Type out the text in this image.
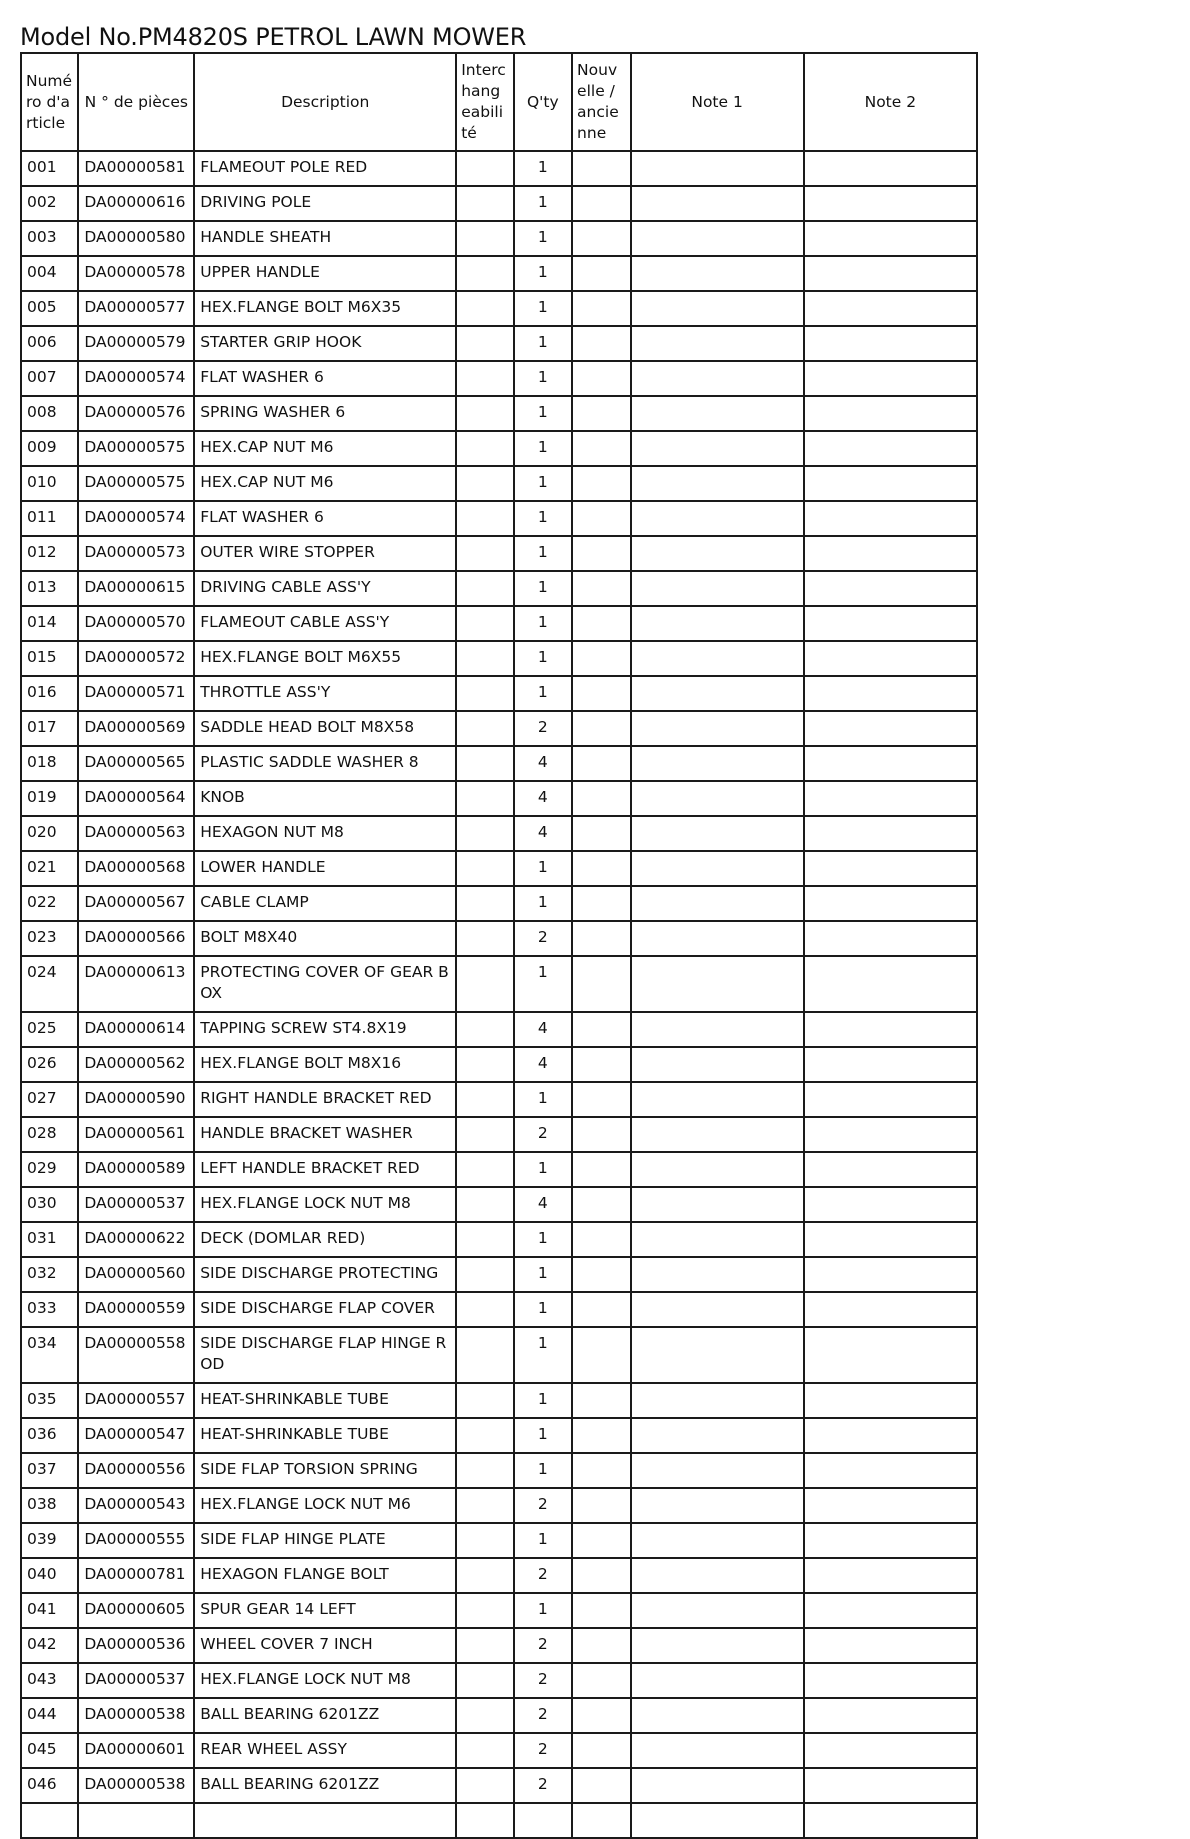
Model No.PM4820S PETROL LAWN MOWER
Numéro d'article	N ° de pièces	Description	Interchangeabilité	Q'ty	Nouvelle / ancienne	Note 1	Note 2
001	DA00000581	FLAMEOUT POLE RED		1			
002	DA00000616	DRIVING POLE		1			
003	DA00000580	HANDLE SHEATH		1			
004	DA00000578	UPPER HANDLE		1			
005	DA00000577	HEX.FLANGE BOLT M6X35		1			
006	DA00000579	STARTER GRIP HOOK		1			
007	DA00000574	FLAT WASHER 6		1			
008	DA00000576	SPRING WASHER 6		1			
009	DA00000575	HEX.CAP NUT M6		1			
010	DA00000575	HEX.CAP NUT M6		1			
011	DA00000574	FLAT WASHER 6		1			
012	DA00000573	OUTER WIRE STOPPER		1			
013	DA00000615	DRIVING CABLE ASS'Y		1			
014	DA00000570	FLAMEOUT CABLE ASS'Y		1			
015	DA00000572	HEX.FLANGE BOLT M6X55		1			
016	DA00000571	THROTTLE ASS'Y		1			
017	DA00000569	SADDLE HEAD BOLT M8X58		2			
018	DA00000565	PLASTIC SADDLE WASHER 8		4			
019	DA00000564	KNOB		4			
020	DA00000563	HEXAGON NUT M8		4			
021	DA00000568	LOWER HANDLE		1			
022	DA00000567	CABLE CLAMP		1			
023	DA00000566	BOLT M8X40		2			
024	DA00000613	PROTECTING COVER OF GEAR BOX		1			
025	DA00000614	TAPPING SCREW ST4.8X19		4			
026	DA00000562	HEX.FLANGE BOLT M8X16		4			
027	DA00000590	RIGHT HANDLE BRACKET RED		1			
028	DA00000561	HANDLE BRACKET WASHER		2			
029	DA00000589	LEFT HANDLE BRACKET RED		1			
030	DA00000537	HEX.FLANGE LOCK NUT M8		4			
031	DA00000622	DECK (DOMLAR RED)		1			
032	DA00000560	SIDE DISCHARGE PROTECTING		1			
033	DA00000559	SIDE DISCHARGE FLAP COVER		1			
034	DA00000558	SIDE DISCHARGE FLAP HINGE ROD		1			
035	DA00000557	HEAT-SHRINKABLE TUBE		1			
036	DA00000547	HEAT-SHRINKABLE TUBE		1			
037	DA00000556	SIDE FLAP TORSION SPRING		1			
038	DA00000543	HEX.FLANGE LOCK NUT M6		2			
039	DA00000555	SIDE FLAP HINGE PLATE		1			
040	DA00000781	HEXAGON FLANGE BOLT		2			
041	DA00000605	SPUR GEAR 14 LEFT		1			
042	DA00000536	WHEEL COVER 7 INCH		2			
043	DA00000537	HEX.FLANGE LOCK NUT M8		2			
044	DA00000538	BALL BEARING 6201ZZ		2			
045	DA00000601	REAR WHEEL ASSY		2			
046	DA00000538	BALL BEARING 6201ZZ		2			
